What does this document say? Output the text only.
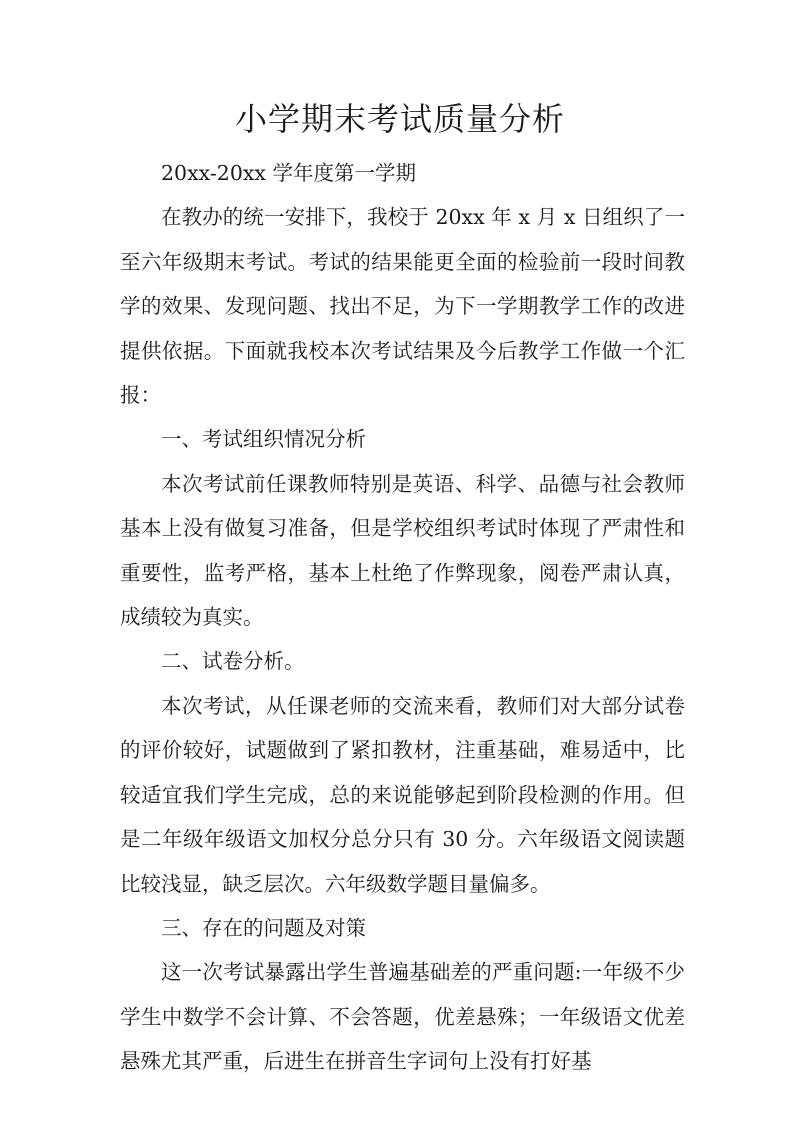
小学期末考试质量分析

20xx-20xx 学年度第一学期

在教办的统一安排下，我校于 20xx 年 x 月 x 日组织了一至六年级期末考试。考试的结果能更全面的检验前一段时间教学的效果、发现问题、找出不足，为下一学期教学工作的改进提供依据。下面就我校本次考试结果及今后教学工作做一个汇报：

一、考试组织情况分析

本次考试前任课教师特别是英语、科学、品德与社会教师基本上没有做复习准备，但是学校组织考试时体现了严肃性和重要性，监考严格，基本上杜绝了作弊现象，阅卷严肃认真，成绩较为真实。

二、试卷分析。

本次考试，从任课老师的交流来看，教师们对大部分试卷的评价较好，试题做到了紧扣教材，注重基础，难易适中，比较适宜我们学生完成，总的来说能够起到阶段检测的作用。但是二年级年级语文加权分总分只有 30 分。六年级语文阅读题比较浅显，缺乏层次。六年级数学题目量偏多。

三、存在的问题及对策

这一次考试暴露出学生普遍基础差的严重问题:一年级不少学生中数学不会计算、不会答题，优差悬殊；一年级语文优差悬殊尤其严重，后进生在拼音生字词句上没有打好基
